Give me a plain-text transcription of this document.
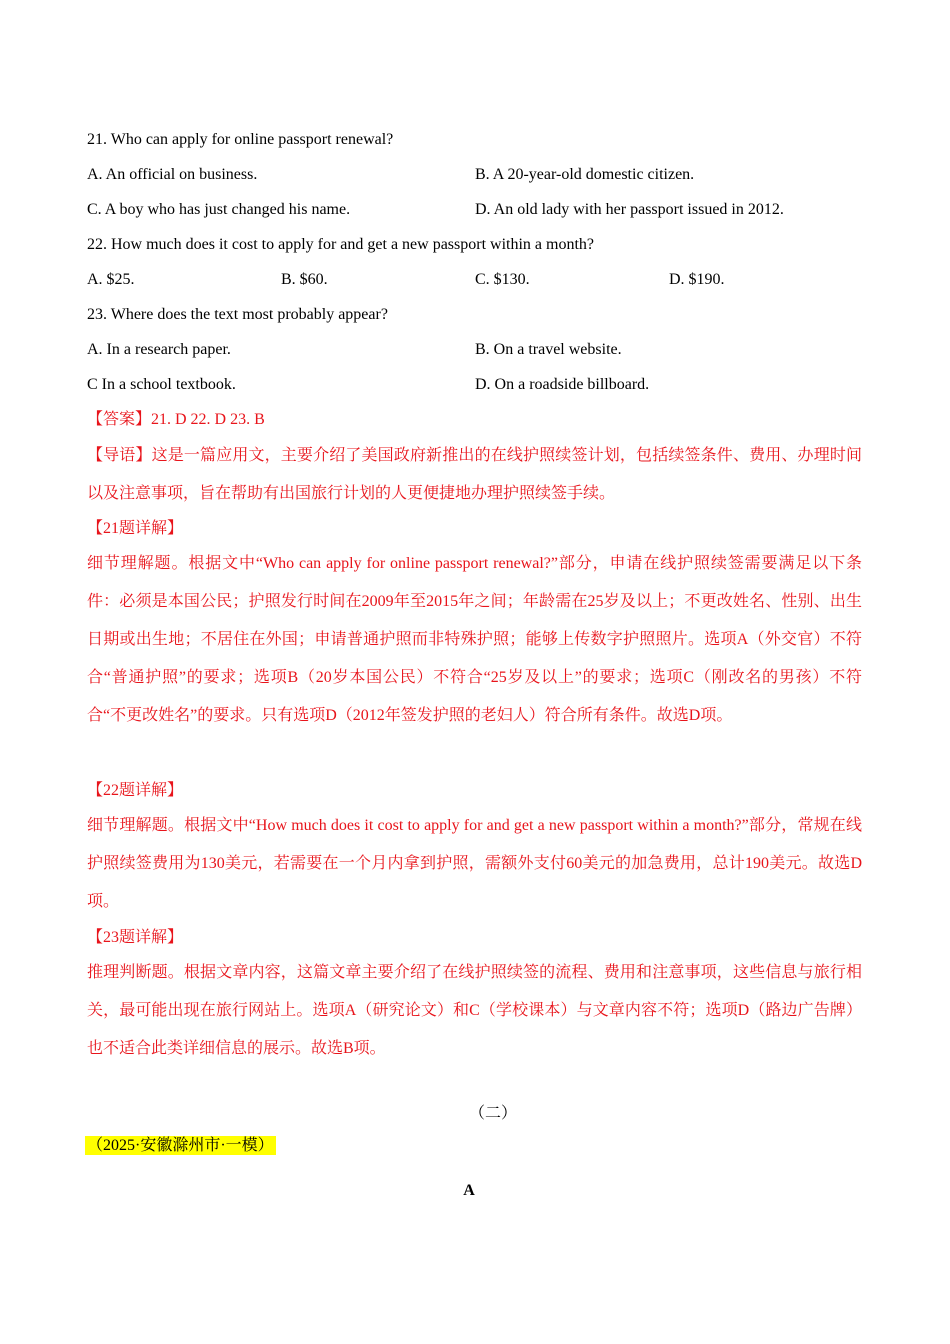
21. Who can apply for online passport renewal?
A. An official on business.	B. A 20-year-old domestic citizen.
C. A boy who has just changed his name.	D. An old lady with her passport issued in 2012.
22. How much does it cost to apply for and get a new passport within a month?
A. $25.	B. $60.	C. $130.	D. $190.
23. Where does the text most probably appear?
A. In a research paper.	B. On a travel website.
C In a school textbook.	D. On a roadside billboard.
【答案】21. D 22. D 23. B
【导语】这是一篇应用文，主要介绍了美国政府新推出的在线护照续签计划，包括续签条件、费用、办理时间以及注意事项，旨在帮助有出国旅行计划的人更便捷地办理护照续签手续。
【21题详解】
细节理解题。根据文中“Who can apply for online passport renewal?”部分，申请在线护照续签需要满足以下条件：必须是本国公民；护照发行时间在2009年至2015年之间；年龄需在25岁及以上；不更改姓名、性别、出生日期或出生地；不居住在外国；申请普通护照而非特殊护照；能够上传数字护照照片。选项A（外交官）不符合“普通护照”的要求；选项B（20岁本国公民）不符合“25岁及以上”的要求；选项C（刚改名的男孩）不符合“不更改姓名”的要求。只有选项D（2012年签发护照的老妇人）符合所有条件。故选D项。
【22题详解】
细节理解题。根据文中“How much does it cost to apply for and get a new passport within a month?”部分，常规在线护照续签费用为130美元，若需要在一个月内拿到护照，需额外支付60美元的加急费用，总计190美元。故选D项。
【23题详解】
推理判断题。根据文章内容，这篇文章主要介绍了在线护照续签的流程、费用和注意事项，这些信息与旅行相关，最可能出现在旅行网站上。选项A（研究论文）和C（学校课本）与文章内容不符；选项D（路边广告牌）也不适合此类详细信息的展示。故选B项。
（二）
（2025·安徽滁州市·一模）
A
